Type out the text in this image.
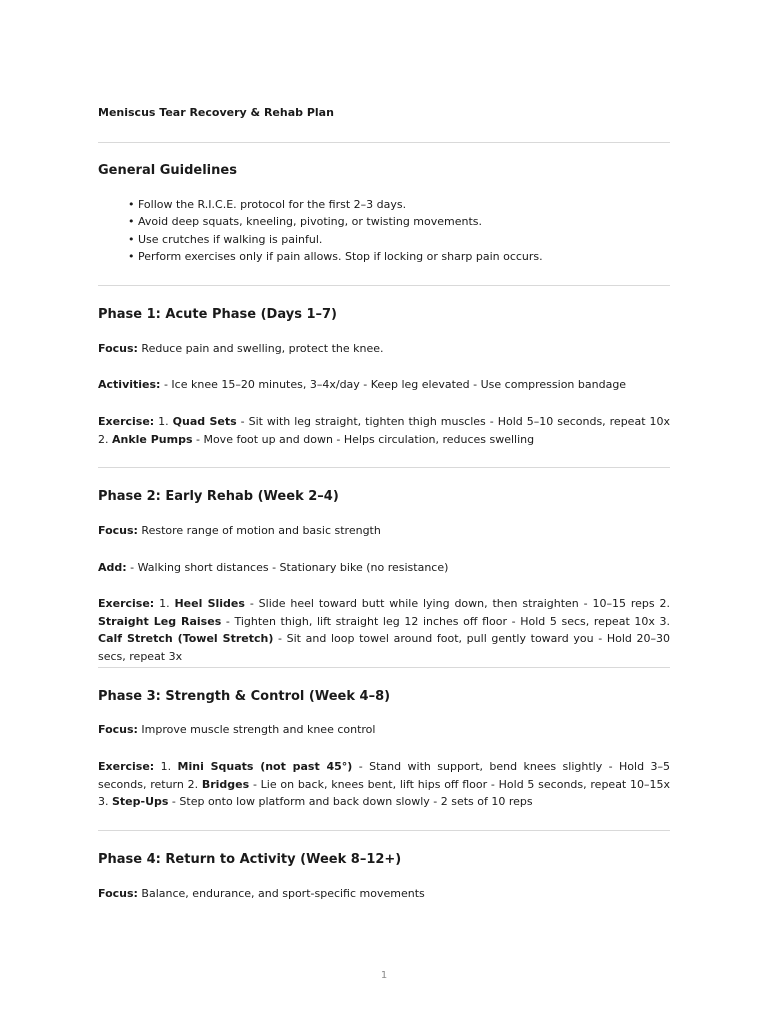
Meniscus Tear Recovery & Rehab Plan
General Guidelines
• Follow the R.I.C.E. protocol for the first 2–3 days.
• Avoid deep squats, kneeling, pivoting, or twisting movements.
• Use crutches if walking is painful.
• Perform exercises only if pain allows. Stop if locking or sharp pain occurs.
Phase 1: Acute Phase (Days 1–7)

Focus: Reduce pain and swelling, protect the knee.

Activities: - Ice knee 15–20 minutes, 3–4x/day - Keep leg elevated - Use compression bandage

Exercise: 1. Quad Sets - Sit with leg straight, tighten thigh muscles - Hold 5–10 seconds, repeat 10x 2. Ankle Pumps - Move foot up and down - Helps circulation, reduces swelling

Phase 2: Early Rehab (Week 2–4)

Focus: Restore range of motion and basic strength

Add: - Walking short distances - Stationary bike (no resistance)

Exercise: 1. Heel Slides - Slide heel toward butt while lying down, then straighten - 10–15 reps 2. Straight Leg Raises - Tighten thigh, lift straight leg 12 inches off floor - Hold 5 secs, repeat 10x 3. Calf Stretch (Towel Stretch) - Sit and loop towel around foot, pull gently toward you - Hold 20–30 secs, repeat 3x

Phase 3: Strength & Control (Week 4–8)

Focus: Improve muscle strength and knee control

Exercise: 1. Mini Squats (not past 45°) - Stand with support, bend knees slightly - Hold 3–5 seconds, return 2. Bridges - Lie on back, knees bent, lift hips off floor - Hold 5 seconds, repeat 10–15x 3. Step-Ups - Step onto low platform and back down slowly - 2 sets of 10 reps

Phase 4: Return to Activity (Week 8–12+)

Focus: Balance, endurance, and sport-specific movements

1
